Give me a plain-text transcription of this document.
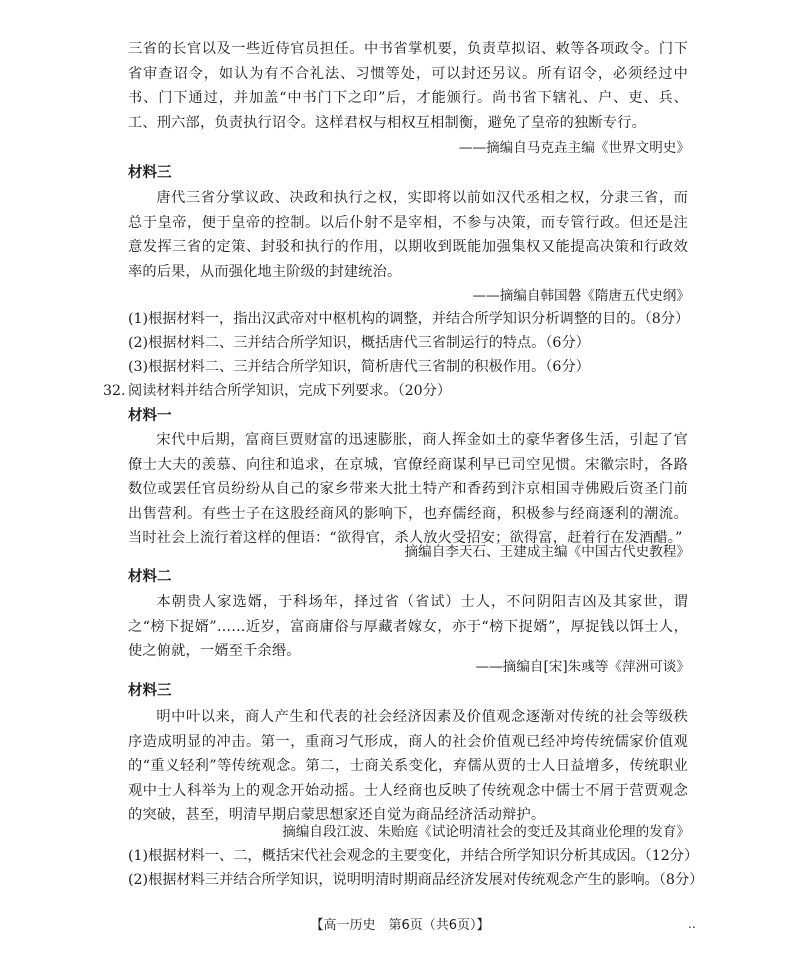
三省的长官以及一些近侍官员担任。中书省掌机要，负责草拟诏、敕等各项政令。门下省审查诏令，如认为有不合礼法、习惯等处，可以封还另议。所有诏令，必须经过中书、门下通过，并加盖“中书门下之印”后，才能颁行。尚书省下辖礼、户、吏、兵、工、刑六部，负责执行诏令。这样君权与相权互相制衡，避免了皇帝的独断专行。
——摘编自马克垚主编《世界文明史》
材料三
唐代三省分掌议政、决政和执行之权，实即将以前如汉代丞相之权，分隶三省，而总于皇帝，便于皇帝的控制。以后仆射不是宰相，不参与决策，而专管行政。但还是注意发挥三省的定策、封驳和执行的作用，以期收到既能加强集权又能提高决策和行政效率的后果，从而强化地主阶级的封建统治。
——摘编自韩国磐《隋唐五代史纲》
(1)根据材料一，指出汉武帝对中枢机构的调整，并结合所学知识分析调整的目的。（8分）
(2)根据材料二、三并结合所学知识，概括唐代三省制运行的特点。（6分）
(3)根据材料二、三并结合所学知识，简析唐代三省制的积极作用。（6分）
32. 阅读材料并结合所学知识，完成下列要求。（20分）
材料一
宋代中后期，富商巨贾财富的迅速膨胀，商人挥金如土的豪华奢侈生活，引起了官僚士大夫的羡慕、向往和追求，在京城，官僚经商谋利早已司空见惯。宋徽宗时，各路数位或罢任官员纷纷从自己的家乡带来大批土特产和香药到汴京相国寺佛殿后资圣门前出售营利。有些士子在这股经商风的影响下，也弃儒经商，积极参与经商逐利的潮流。当时社会上流行着这样的俚语：“欲得官，杀人放火受招安；欲得富，赶着行在发酒醋。”
摘编自李天石、王建成主编《中国古代史教程》
材料二
本朝贵人家选婿，于科场年，择过省（省试）士人，不问阴阳吉凶及其家世，谓之“榜下捉婿”……近岁，富商庸俗与厚藏者嫁女，亦于“榜下捉婿”，厚捉钱以饵士人，使之俯就，一婿至千余缗。
——摘编自[宋]朱彧等《萍洲可谈》
材料三
明中叶以来，商人产生和代表的社会经济因素及价值观念逐渐对传统的社会等级秩序造成明显的冲击。第一，重商习气形成，商人的社会价值观已经冲垮传统儒家价值观的“重义轻利”等传统观念。第二，士商关系变化，弃儒从贾的士人日益增多，传统职业观中士人科举为上的观念开始动摇。士人经商也反映了传统观念中儒士不屑于营贾观念的突破，甚至，明清早期启蒙思想家还自觉为商品经济活动辩护。
摘编自段江波、朱贻庭《试论明清社会的变迁及其商业伦理的发育》
(1)根据材料一、二，概括宋代社会观念的主要变化，并结合所学知识分析其成因。（12分）
(2)根据材料三并结合所学知识，说明明清时期商品经济发展对传统观念产生的影响。（8分）
【高一历史　第6页（共6页）】	..
